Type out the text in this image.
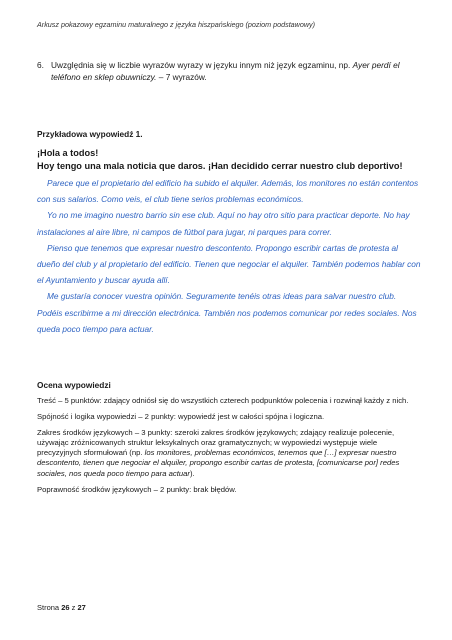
Arkusz pokazowy egzaminu maturalnego z języka hiszpańskiego (poziom podstawowy)
6. Uwzględnia się w liczbie wyrazów wyrazy w języku innym niż język egzaminu, np. Ayer perdí el teléfono en sklep obuwniczy. – 7 wyrazów.
Przykładowa wypowiedź 1.
¡Hola a todos!
Hoy tengo una mala noticia que daros. ¡Han decidido cerrar nuestro club deportivo!

Parece que el propietario del edificio ha subido el alquiler. Además, los monitores no están contentos con sus salarios. Como veis, el club tiene serios problemas económicos.

Yo no me imagino nuestro barrio sin ese club. Aquí no hay otro sitio para practicar deporte. No hay instalaciones al aire libre, ni campos de fútbol para jugar, ni parques para correr.

Pienso que tenemos que expresar nuestro descontento. Propongo escribir cartas de protesta al dueño del club y al propietario del edificio. Tienen que negociar el alquiler. También podemos hablar con el Ayuntamiento y buscar ayuda allí.

Me gustaría conocer vuestra opinión. Seguramente tenéis otras ideas para salvar nuestro club. Podéis escribirme a mi dirección electrónica. También nos podemos comunicar por redes sociales. Nos queda poco tiempo para actuar.

Ocena wypowiedzi

Treść – 5 punktów: zdający odniósł się do wszystkich czterech podpunktów polecenia i rozwinął każdy z nich.

Spójność i logika wypowiedzi – 2 punkty: wypowiedź jest w całości spójna i logiczna.

Zakres środków językowych – 3 punkty: szeroki zakres środków językowych; zdający realizuje polecenie, używając zróżnicowanych struktur leksykalnych oraz gramatycznych; w wypowiedzi występuje wiele precyzyjnych sformułowań (np. los monitores, problemas económicos, tenemos que […] expresar nuestro descontento, tienen que negociar el alquiler, propongo escribir cartas de protesta, [comunicarse por] redes sociales, nos queda poco tiempo para actuar).

Poprawność środków językowych – 2 punkty: brak błędów.

Strona 26 z 27
